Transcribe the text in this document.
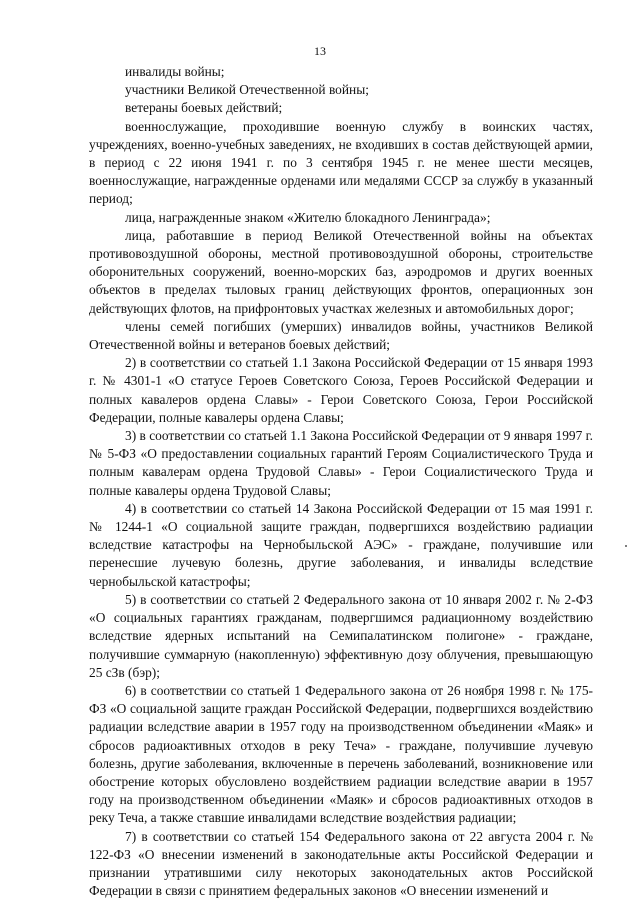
13

инвалиды войны;

участники Великой Отечественной войны;

ветераны боевых действий;

военнослужащие, проходившие военную службу в воинских частях, учреждениях, военно-учебных заведениях, не входивших в состав действующей армии, в период с 22 июня 1941 г. по 3 сентября 1945 г. не менее шести месяцев, военнослужащие, награжденные орденами или медалями СССР за службу в указанный период;

лица, награжденные знаком «Жителю блокадного Ленинграда»;

лица, работавшие в период Великой Отечественной войны на объектах противовоздушной обороны, местной противовоздушной обороны, строительстве оборонительных сооружений, военно-морских баз, аэродромов и других военных объектов в пределах тыловых границ действующих фронтов, операционных зон действующих флотов, на прифронтовых участках железных и автомобильных дорог;

члены семей погибших (умерших) инвалидов войны, участников Великой Отечественной войны и ветеранов боевых действий;

2) в соответствии со статьей 1.1 Закона Российской Федерации от 15 января 1993 г. № 4301-1 «О статусе Героев Советского Союза, Героев Российской Федерации и полных кавалеров ордена Славы» - Герои Советского Союза, Герои Российской Федерации, полные кавалеры ордена Славы;

3) в соответствии со статьей 1.1 Закона Российской Федерации от 9 января 1997 г. № 5-ФЗ «О предоставлении социальных гарантий Героям Социалистического Труда и полным кавалерам ордена Трудовой Славы» - Герои Социалистического Труда и полные кавалеры ордена Трудовой Славы;

4) в соответствии со статьей 14 Закона Российской Федерации от 15 мая 1991 г. № 1244-1 «О социальной защите граждан, подвергшихся воздействию радиации вследствие катастрофы на Чернобыльской АЭС» - граждане, получившие или перенесшие лучевую болезнь, другие заболевания, и инвалиды вследствие чернобыльской катастрофы;

5) в соответствии со статьей 2 Федерального закона от 10 января 2002 г. № 2-ФЗ «О социальных гарантиях гражданам, подвергшимся радиационному воздействию вследствие ядерных испытаний на Семипалатинском полигоне» - граждане, получившие суммарную (накопленную) эффективную дозу облучения, превышающую 25 сЗв (бэр);

6) в соответствии со статьей 1 Федерального закона от 26 ноября 1998 г. № 175-ФЗ «О социальной защите граждан Российской Федерации, подвергшихся воздействию радиации вследствие аварии в 1957 году на производственном объединении «Маяк» и сбросов радиоактивных отходов в реку Теча» - граждане, получившие лучевую болезнь, другие заболевания, включенные в перечень заболеваний, возникновение или обострение которых обусловлено воздействием радиации вследствие аварии в 1957 году на производственном объединении «Маяк» и сбросов радиоактивных отходов в реку Теча, а также ставшие инвалидами вследствие воздействия радиации;

7) в соответствии со статьей 154 Федерального закона от 22 августа 2004 г. № 122-ФЗ «О внесении изменений в законодательные акты Российской Федерации и признании утратившими силу некоторых законодательных актов Российской Федерации в связи с принятием федеральных законов «О внесении изменений и
